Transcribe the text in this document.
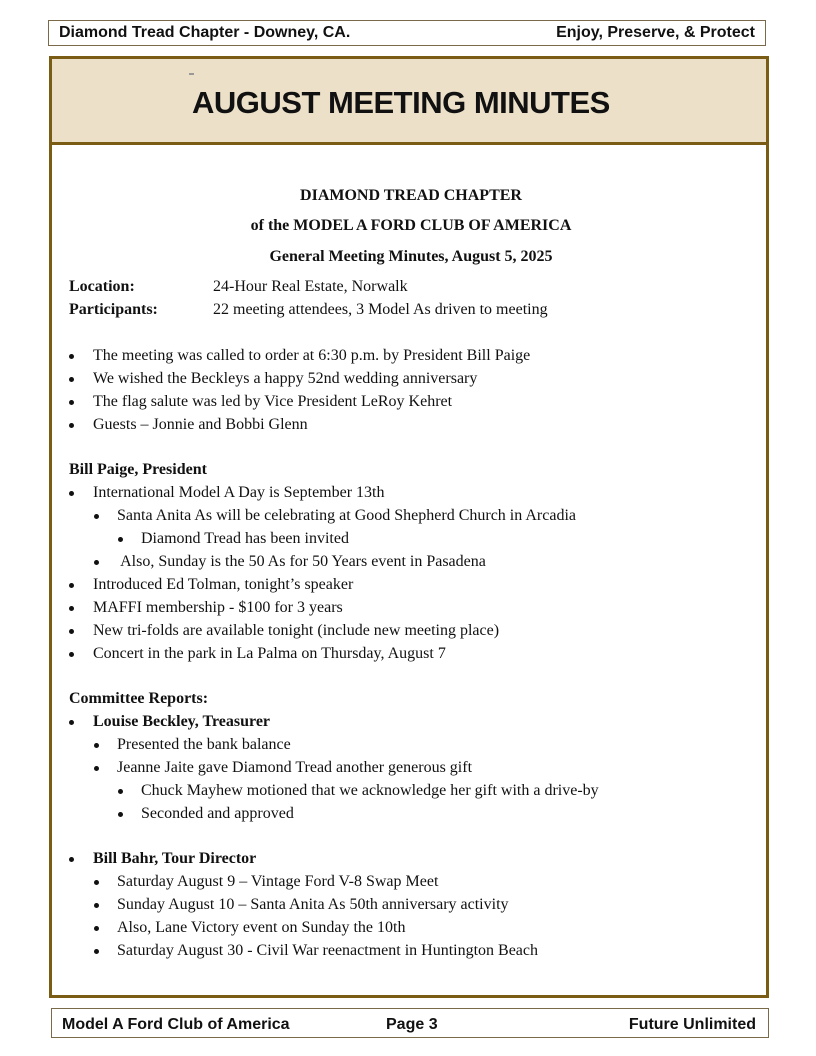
Diamond Tread Chapter - Downey, CA.	Enjoy, Preserve, & Protect
AUGUST MEETING MINUTES
DIAMOND TREAD CHAPTER
of the MODEL A FORD CLUB OF AMERICA
General Meeting Minutes, August 5, 2025
Location:	24-Hour Real Estate, Norwalk
Participants:	22 meeting attendees, 3 Model As driven to meeting
The meeting was called to order at 6:30 p.m. by President Bill Paige
We wished the Beckleys a happy 52nd wedding anniversary
The flag salute was led by Vice President LeRoy Kehret
Guests – Jonnie and Bobbi Glenn
Bill Paige, President
International Model A Day is September 13th
Santa Anita As will be celebrating at Good Shepherd Church in Arcadia
Diamond Tread has been invited
Also, Sunday is the 50 As for 50 Years event in Pasadena
Introduced Ed Tolman, tonight’s speaker
MAFFI membership - $100 for 3 years
New tri-folds are available tonight (include new meeting place)
Concert in the park in La Palma on Thursday, August 7
Committee Reports:
Louise Beckley, Treasurer
Presented the bank balance
Jeanne Jaite gave Diamond Tread another generous gift
Chuck Mayhew motioned that we acknowledge her gift with a drive-by
Seconded and approved
Bill Bahr, Tour Director
Saturday August 9 – Vintage Ford V-8 Swap Meet
Sunday August 10 – Santa Anita As 50th anniversary activity
Also, Lane Victory event on Sunday the 10th
Saturday August 30 - Civil War reenactment in Huntington Beach
Model A Ford Club of America	Page 3	Future Unlimited
